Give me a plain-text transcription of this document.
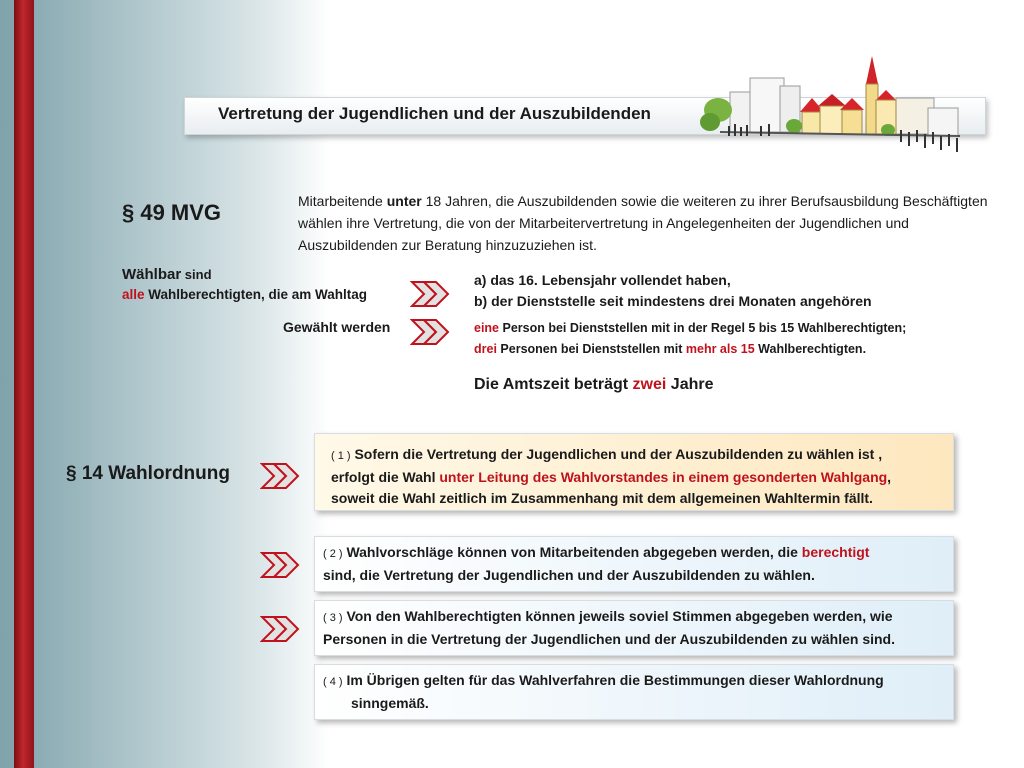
Vertretung der Jugendlichen und der Auszubildenden
§ 49 MVG	Mitarbeitende unter 18 Jahren, die Auszubildenden sowie die weiteren zu ihrer Berufsausbildung Beschäftigten wählen ihre Vertretung, die von der Mitarbeitervertretung in Angelegenheiten der Jugendlichen und Auszubildenden zur Beratung hinzuzuziehen ist.
Wählbar sind
alle Wahlberechtigten, die am Wahltag
a) das 16. Lebensjahr vollendet haben,
b) der Dienststelle seit mindestens drei Monaten angehören
Gewählt werden	eine Person bei Dienststellen mit in der Regel 5 bis 15 Wahlberechtigten;
drei Personen bei Dienststellen mit mehr als 15 Wahlberechtigten.
Die Amtszeit beträgt zwei Jahre
§ 14 Wahlordnung
( 1 ) Sofern die Vertretung der Jugendlichen und der Auszubildenden zu wählen ist ,
erfolgt die Wahl unter Leitung des Wahlvorstandes in einem gesonderten Wahlgang,
soweit die Wahl zeitlich im Zusammenhang mit dem allgemeinen Wahltermin fällt.
( 2 ) Wahlvorschläge können von Mitarbeitenden abgegeben werden, die berechtigt
sind, die Vertretung der Jugendlichen und der Auszubildenden zu wählen.
( 3 ) Von den Wahlberechtigten können jeweils soviel Stimmen abgegeben werden, wie
Personen in die Vertretung der Jugendlichen und der Auszubildenden zu wählen sind.
( 4 ) Im Übrigen gelten für das Wahlverfahren die Bestimmungen dieser Wahlordnung
sinngemäß.
